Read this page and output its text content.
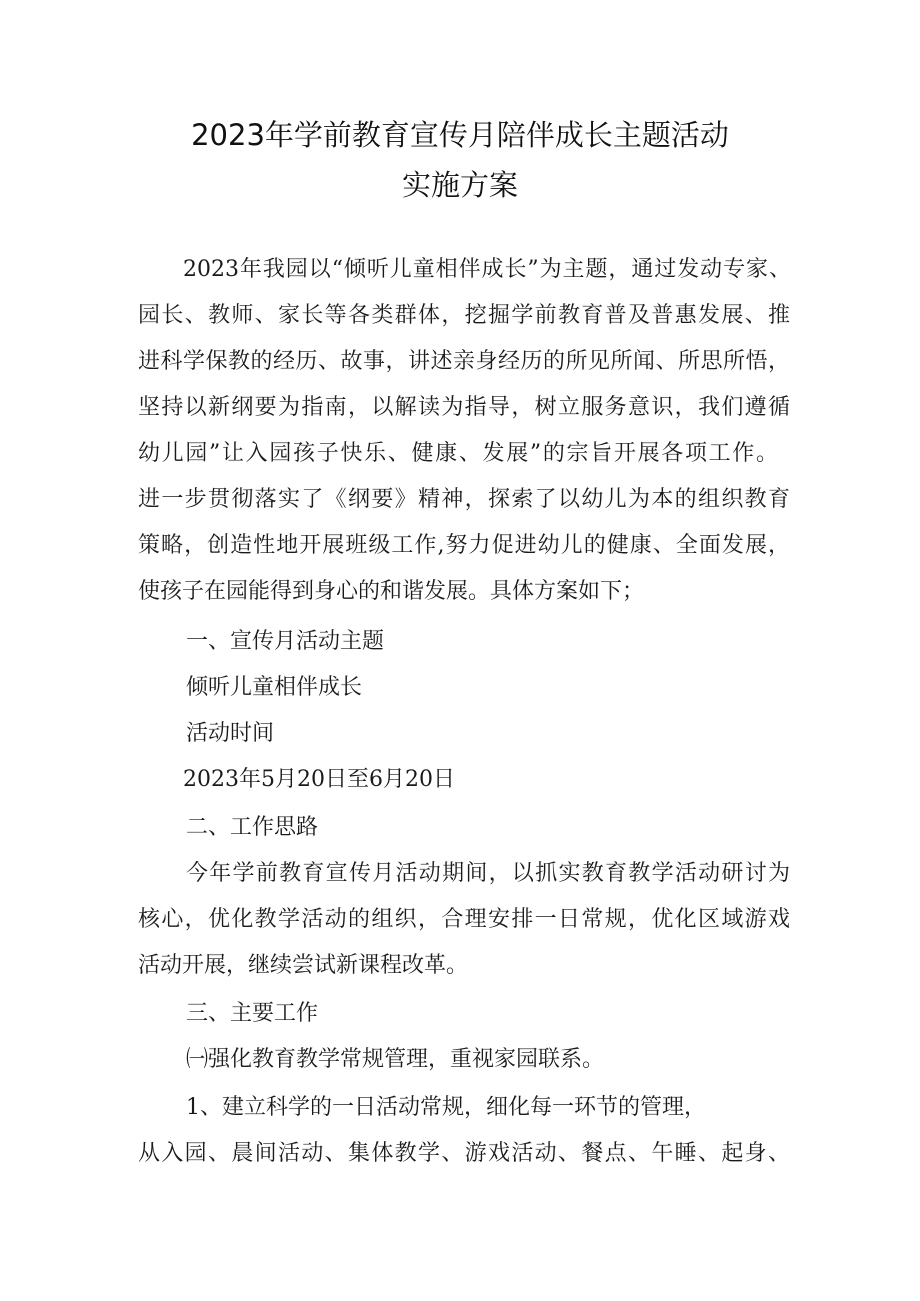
2023年学前教育宣传月陪伴成长主题活动
实施方案
2023年我园以“倾听儿童相伴成长”为主题，通过发动专家、
园长、教师、家长等各类群体，挖掘学前教育普及普惠发展、推
进科学保教的经历、故事，讲述亲身经历的所见所闻、所思所悟，
坚持以新纲要为指南，以解读为指导，树立服务意识，我们遵循
幼儿园”让入园孩子快乐、健康、发展”的宗旨开展各项工作。
进一步贯彻落实了《纲要》精神，探索了以幼儿为本的组织教育
策略，创造性地开展班级工作,努力促进幼儿的健康、全面发展，
使孩子在园能得到身心的和谐发展。具体方案如下；
一、宣传月活动主题
倾听儿童相伴成长
活动时间
2023年5月20日至6月20日
二、工作思路
今年学前教育宣传月活动期间，以抓实教育教学活动研讨为
核心，优化教学活动的组织，合理安排一日常规，优化区域游戏
活动开展，继续尝试新课程改革。
三、主要工作
㈠强化教育教学常规管理，重视家园联系。
1、建立科学的一日活动常规，细化每一环节的管理，
从入园、晨间活动、集体教学、游戏活动、餐点、午睡、起身、
